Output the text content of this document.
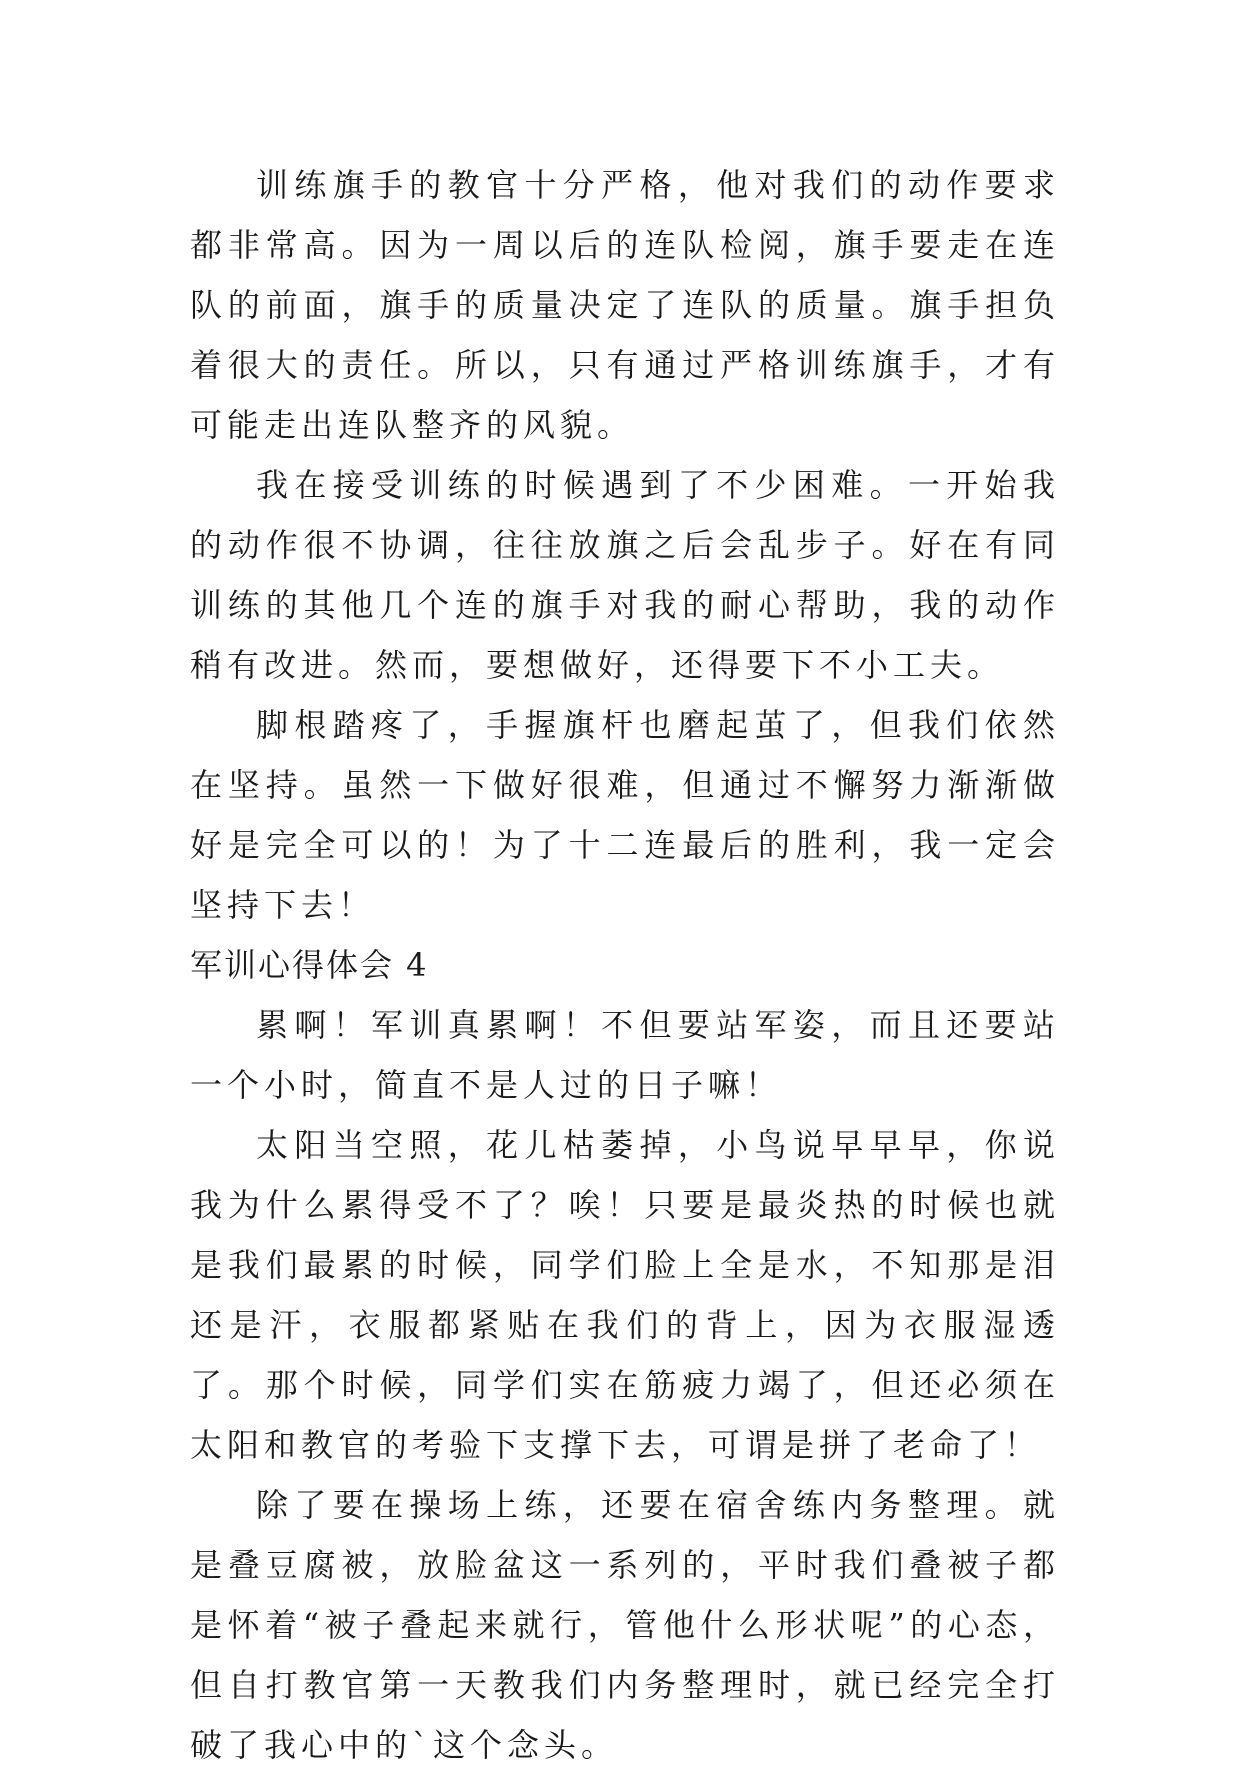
训练旗手的教官十分严格，他对我们的动作要求都非常高。因为一周以后的连队检阅，旗手要走在连队的前面，旗手的质量决定了连队的质量。旗手担负着很大的责任。所以，只有通过严格训练旗手，才有可能走出连队整齐的风貌。

我在接受训练的时候遇到了不少困难。一开始我的动作很不协调，往往放旗之后会乱步子。好在有同训练的其他几个连的旗手对我的耐心帮助，我的动作稍有改进。然而，要想做好，还得要下不小工夫。

脚根踏疼了，手握旗杆也磨起茧了，但我们依然在坚持。虽然一下做好很难，但通过不懈努力渐渐做好是完全可以的！为了十二连最后的胜利，我一定会坚持下去！

军训心得体会 4

累啊！军训真累啊！不但要站军姿，而且还要站一个小时，简直不是人过的日子嘛！

太阳当空照，花儿枯萎掉，小鸟说早早早，你说我为什么累得受不了？唉！只要是最炎热的时候也就是我们最累的时候，同学们脸上全是水，不知那是泪还是汗，衣服都紧贴在我们的背上，因为衣服湿透了。那个时候，同学们实在筋疲力竭了，但还必须在太阳和教官的考验下支撑下去，可谓是拼了老命了！

除了要在操场上练，还要在宿舍练内务整理。就是叠豆腐被，放脸盆这一系列的，平时我们叠被子都是怀着“被子叠起来就行，管他什么形状呢”的心态，但自打教官第一天教我们内务整理时，就已经完全打破了我心中的`这个念头。
